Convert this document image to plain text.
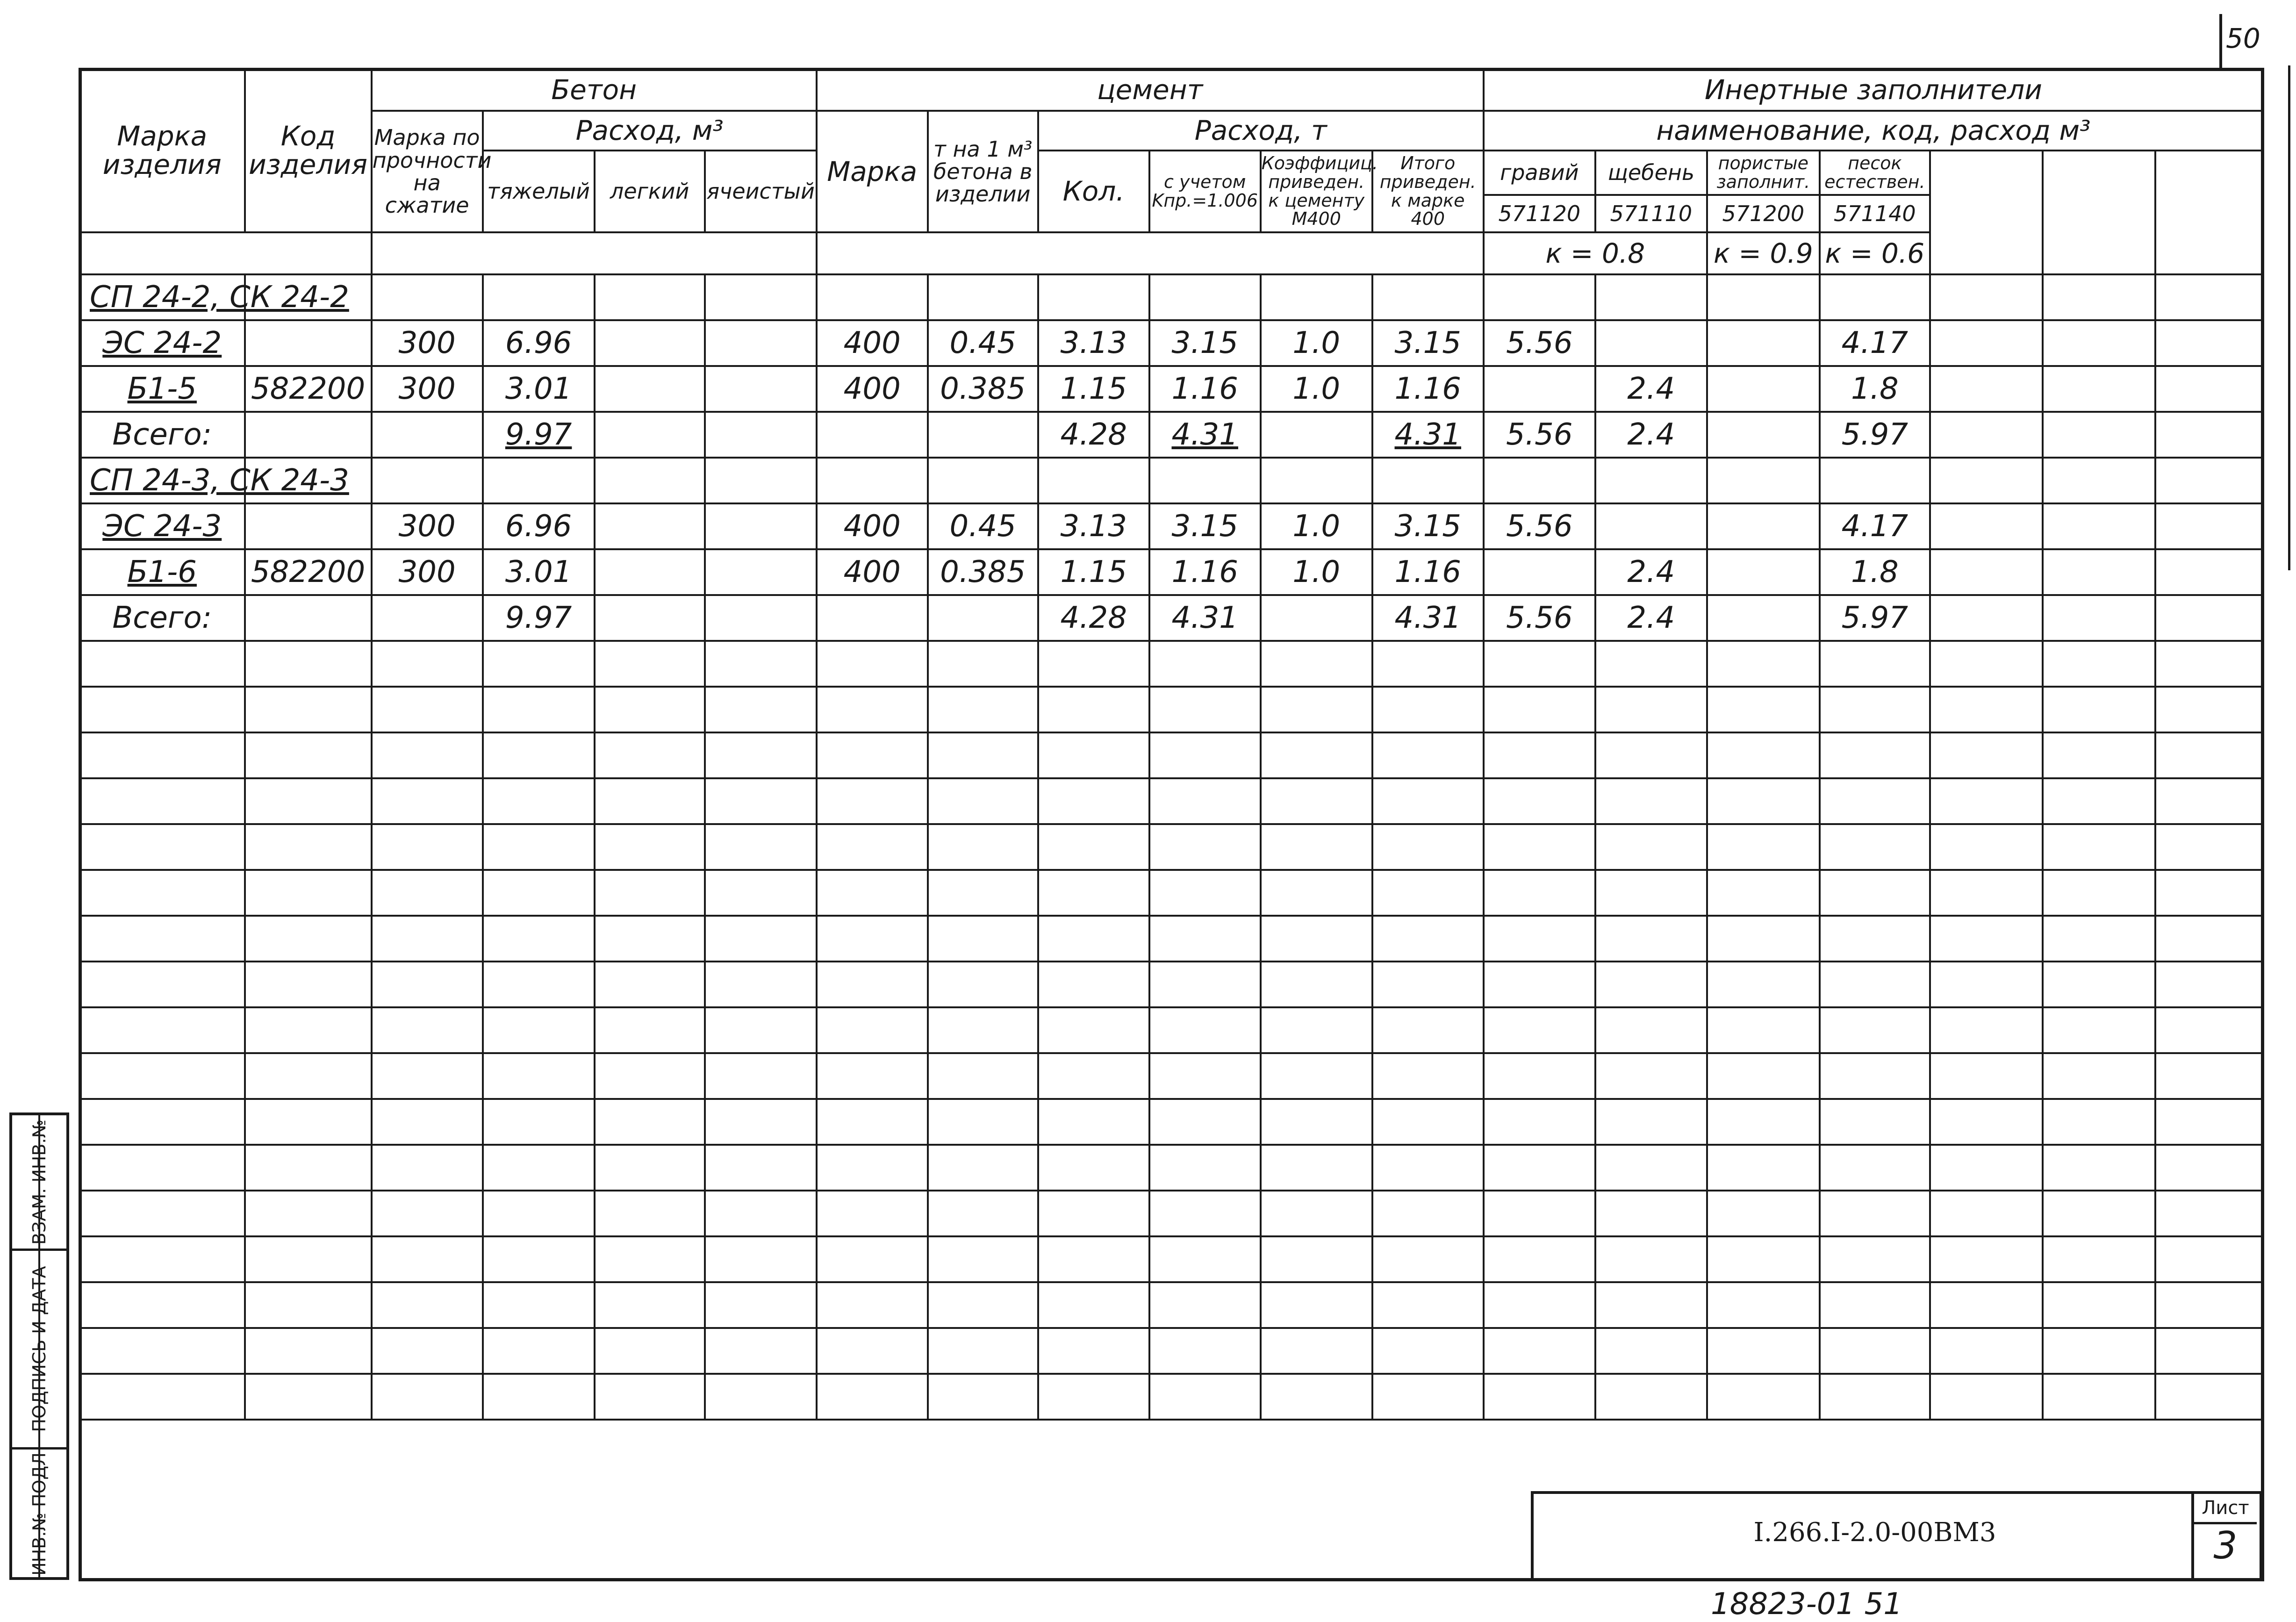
50
Марка изделия	Код изделия	Бетон				цемент						Инертные заполнители						
		Марка по прочности на сжатие	Расход, м³			Марка	т на 1 м³ бетона в изделии	Расход, т				наименование, код, расход м³						
			тяжелый	легкий	ячеистый			Кол.	с учетом Kпр.=1.006	Коэффициц. приведен. к цементу М400	Итого приведен. к марке 400	гравий	щебень	пористые заполнит.	песок естествен.			
												571120	571110	571200	571140			
												к = 0.8		к = 0.9	к = 0.6			
СП 24-2, СК 24-2																		
ЭС 24-2		300	6.96			400	0.45	3.13	3.15	1.0	3.15	5.56			4.17			
Б1-5	582200	300	3.01			400	0.385	1.15	1.16	1.0	1.16		2.4		1.8			
Всего:			9.97					4.28	4.31		4.31	5.56	2.4		5.97			
СП 24-3, СК 24-3																		
ЭС 24-3		300	6.96			400	0.45	3.13	3.15	1.0	3.15	5.56			4.17			
Б1-6	582200	300	3.01			400	0.385	1.15	1.16	1.0	1.16		2.4		1.8			
Всего:			9.97					4.28	4.31		4.31	5.56	2.4		5.97			

ВЗАМ. ИНВ.№
ПОДПИСЬ И ДАТА
ИНВ.№ ПОДЛ	I.266.I-2.0-00ВМ3
Лист
3
18823-01 51
